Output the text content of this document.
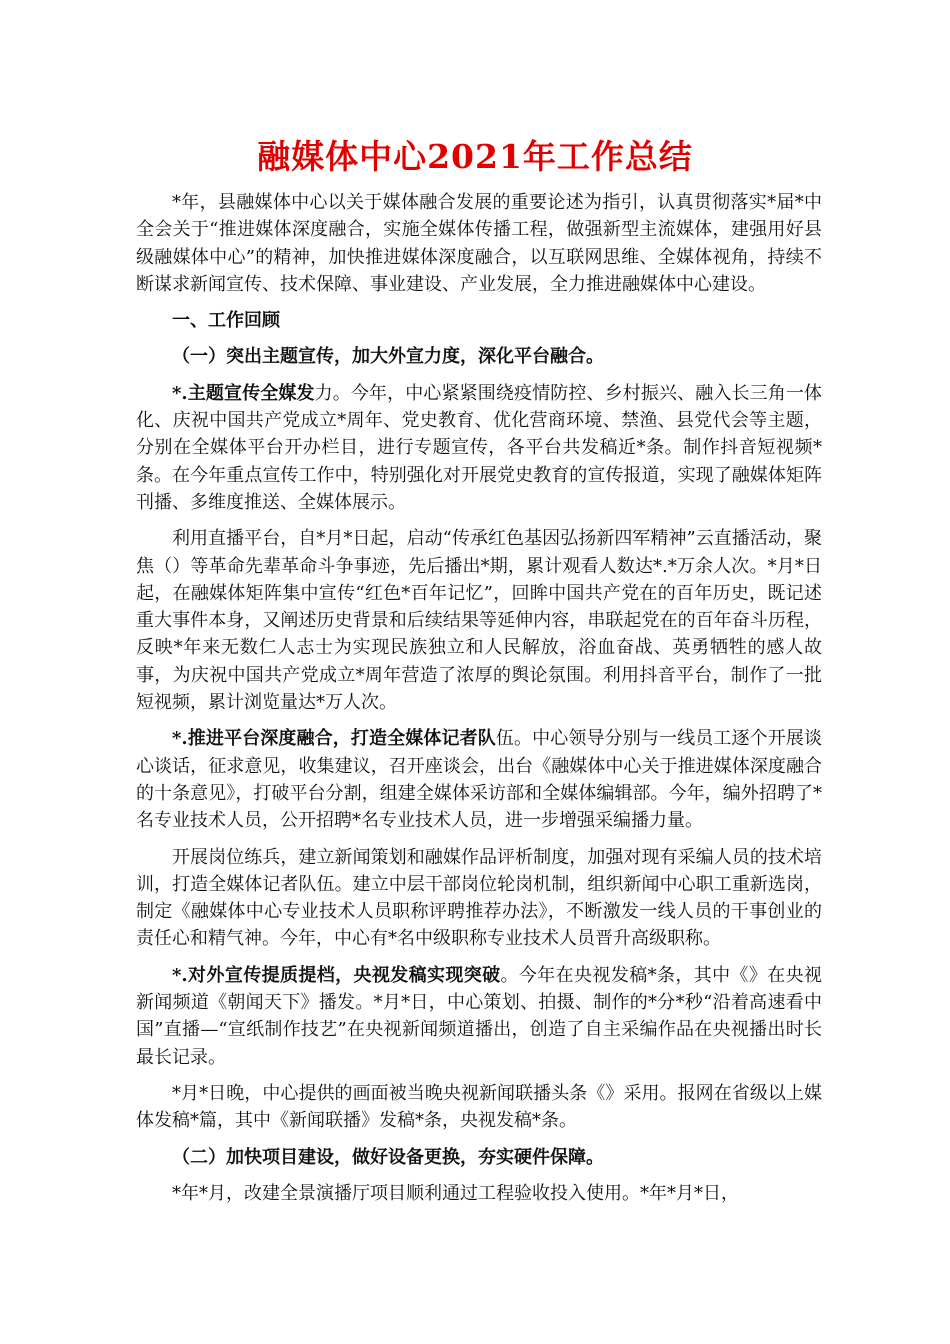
融媒体中心2021年工作总结

*年，县融媒体中心以关于媒体融合发展的重要论述为指引，认真贯彻落实*届*中全会关于“推进媒体深度融合，实施全媒体传播工程，做强新型主流媒体，建强用好县级融媒体中心”的精神，加快推进媒体深度融合，以互联网思维、全媒体视角，持续不断谋求新闻宣传、技术保障、事业建设、产业发展，全力推进融媒体中心建设。

一、工作回顾

（一）突出主题宣传，加大外宣力度，深化平台融合。

*.主题宣传全媒发力。今年，中心紧紧围绕疫情防控、乡村振兴、融入长三角一体化、庆祝中国共产党成立*周年、党史教育、优化营商环境、禁渔、县党代会等主题，分别在全媒体平台开办栏目，进行专题宣传，各平台共发稿近*条。制作抖音短视频*条。在今年重点宣传工作中，特别强化对开展党史教育的宣传报道，实现了融媒体矩阵刊播、多维度推送、全媒体展示。

利用直播平台，自*月*日起，启动“传承红色基因弘扬新四军精神”云直播活动，聚焦（）等革命先辈革命斗争事迹，先后播出*期，累计观看人数达*.*万余人次。*月*日起，在融媒体矩阵集中宣传“红色*百年记忆”，回眸中国共产党在的百年历史，既记述重大事件本身，又阐述历史背景和后续结果等延伸内容，串联起党在的百年奋斗历程，反映*年来无数仁人志士为实现民族独立和人民解放，浴血奋战、英勇牺牲的感人故事，为庆祝中国共产党成立*周年营造了浓厚的舆论氛围。利用抖音平台，制作了一批短视频，累计浏览量达*万人次。

*.推进平台深度融合，打造全媒体记者队伍。中心领导分别与一线员工逐个开展谈心谈话，征求意见，收集建议，召开座谈会，出台《融媒体中心关于推进媒体深度融合的十条意见》，打破平台分割，组建全媒体采访部和全媒体编辑部。今年，编外招聘了*名专业技术人员，公开招聘*名专业技术人员，进一步增强采编播力量。

开展岗位练兵，建立新闻策划和融媒作品评析制度，加强对现有采编人员的技术培训，打造全媒体记者队伍。建立中层干部岗位轮岗机制，组织新闻中心职工重新选岗，制定《融媒体中心专业技术人员职称评聘推荐办法》，不断激发一线人员的干事创业的责任心和精气神。今年，中心有*名中级职称专业技术人员晋升高级职称。

*.对外宣传提质提档，央视发稿实现突破。今年在央视发稿*条，其中《》在央视新闻频道《朝闻天下》播发。*月*日，中心策划、拍摄、制作的*分*秒“沿着高速看中国”直播—“宣纸制作技艺”在央视新闻频道播出，创造了自主采编作品在央视播出时长最长记录。

*月*日晚，中心提供的画面被当晚央视新闻联播头条《》采用。报网在省级以上媒体发稿*篇，其中《新闻联播》发稿*条，央视发稿*条。

（二）加快项目建设，做好设备更换，夯实硬件保障。

*年*月，改建全景演播厅项目顺利通过工程验收投入使用。*年*月*日，
